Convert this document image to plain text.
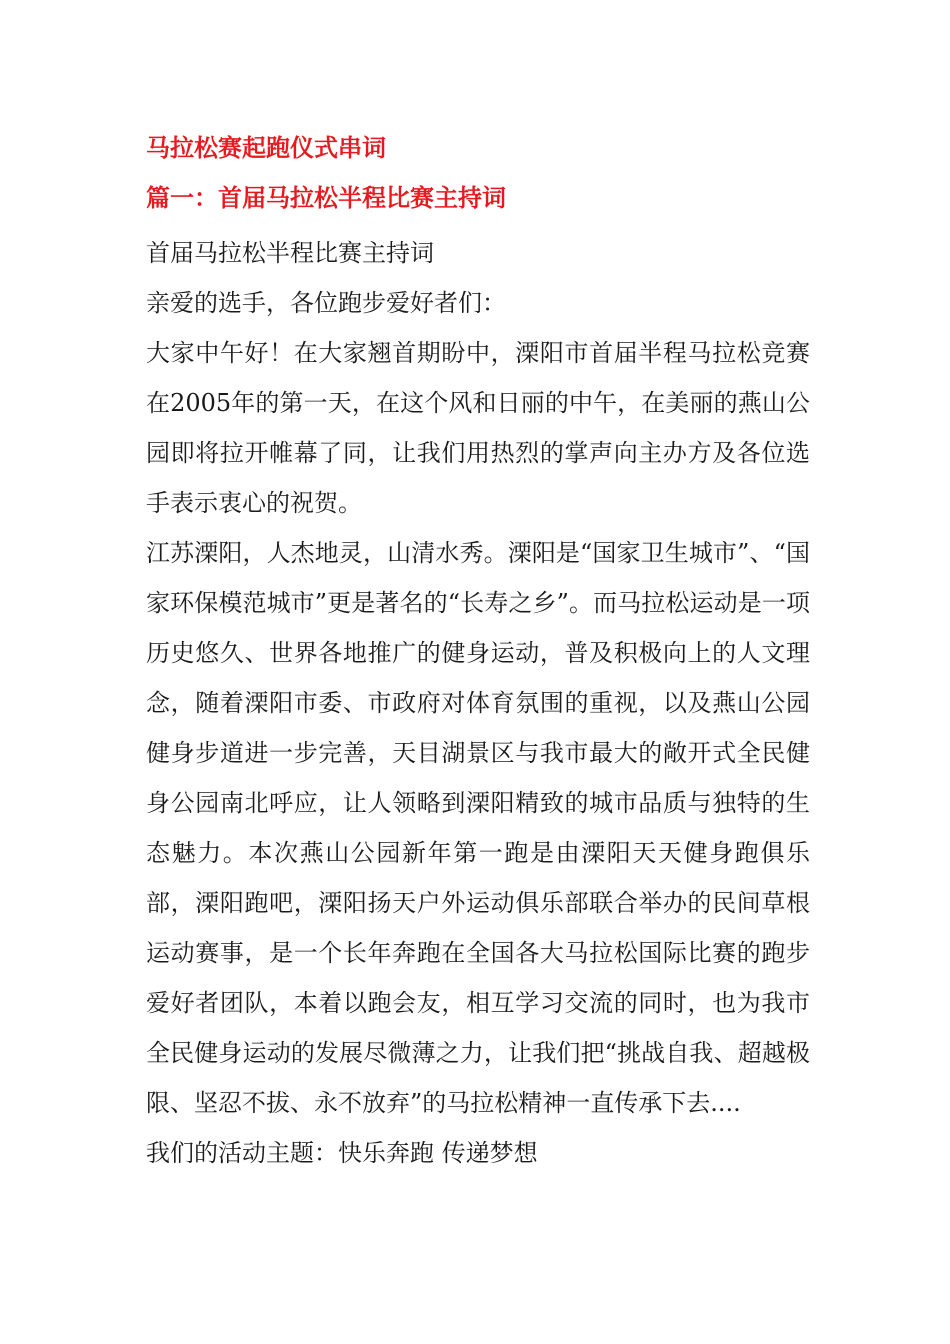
马拉松赛起跑仪式串词
篇一：首届马拉松半程比赛主持词

首届马拉松半程比赛主持词

亲爱的选手，各位跑步爱好者们：

大家中午好！在大家翘首期盼中，溧阳市首届半程马拉松竞赛在2005年的第一天，在这个风和日丽的中午，在美丽的燕山公园即将拉开帷幕了同，让我们用热烈的掌声向主办方及各位选手表示衷心的祝贺。

江苏溧阳，人杰地灵，山清水秀。溧阳是“国家卫生城市”、“国家环保模范城市”更是著名的“长寿之乡”。而马拉松运动是一项历史悠久、世界各地推广的健身运动，普及积极向上的人文理念，随着溧阳市委、市政府对体育氛围的重视，以及燕山公园健身步道进一步完善，天目湖景区与我市最大的敞开式全民健身公园南北呼应，让人领略到溧阳精致的城市品质与独特的生态魅力。本次燕山公园新年第一跑是由溧阳天天健身跑俱乐部，溧阳跑吧，溧阳扬天户外运动俱乐部联合举办的民间草根运动赛事，是一个长年奔跑在全国各大马拉松国际比赛的跑步爱好者团队，本着以跑会友，相互学习交流的同时，也为我市全民健身运动的发展尽微薄之力，让我们把“挑战自我、超越极限、坚忍不拔、永不放弃”的马拉松精神一直传承下去....

我们的活动主题：快乐奔跑 传递梦想
